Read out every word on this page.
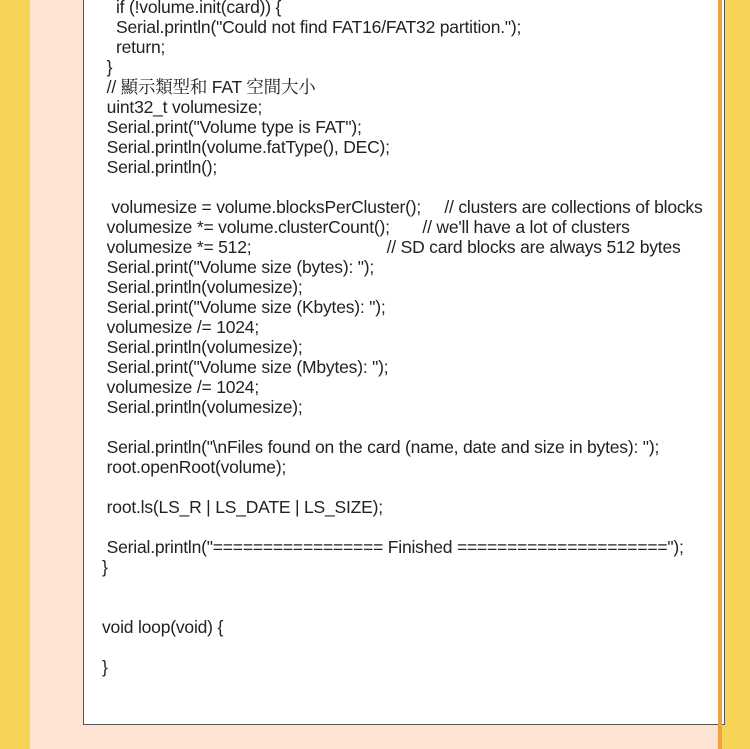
if (!volume.init(card)) {
Serial.println("Could not find FAT16/FAT32 partition.");
return;
}
// 顯示類型和 FAT 空間大小
uint32_t volumesize;
Serial.print("Volume type is FAT");
Serial.println(volume.fatType(), DEC);
Serial.println();
volumesize = volume.blocksPerCluster();     // clusters are collections of blocks
volumesize *= volume.clusterCount();       // we'll have a lot of clusters
volumesize *= 512;                             // SD card blocks are always 512 bytes
Serial.print("Volume size (bytes): ");
Serial.println(volumesize);
Serial.print("Volume size (Kbytes): ");
volumesize /= 1024;
Serial.println(volumesize);
Serial.print("Volume size (Mbytes): ");
volumesize /= 1024;
Serial.println(volumesize);
Serial.println("\nFiles found on the card (name, date and size in bytes): ");
root.openRoot(volume);
root.ls(LS_R | LS_DATE | LS_SIZE);
Serial.println("================= Finished =====================");
}
void loop(void) {
}
